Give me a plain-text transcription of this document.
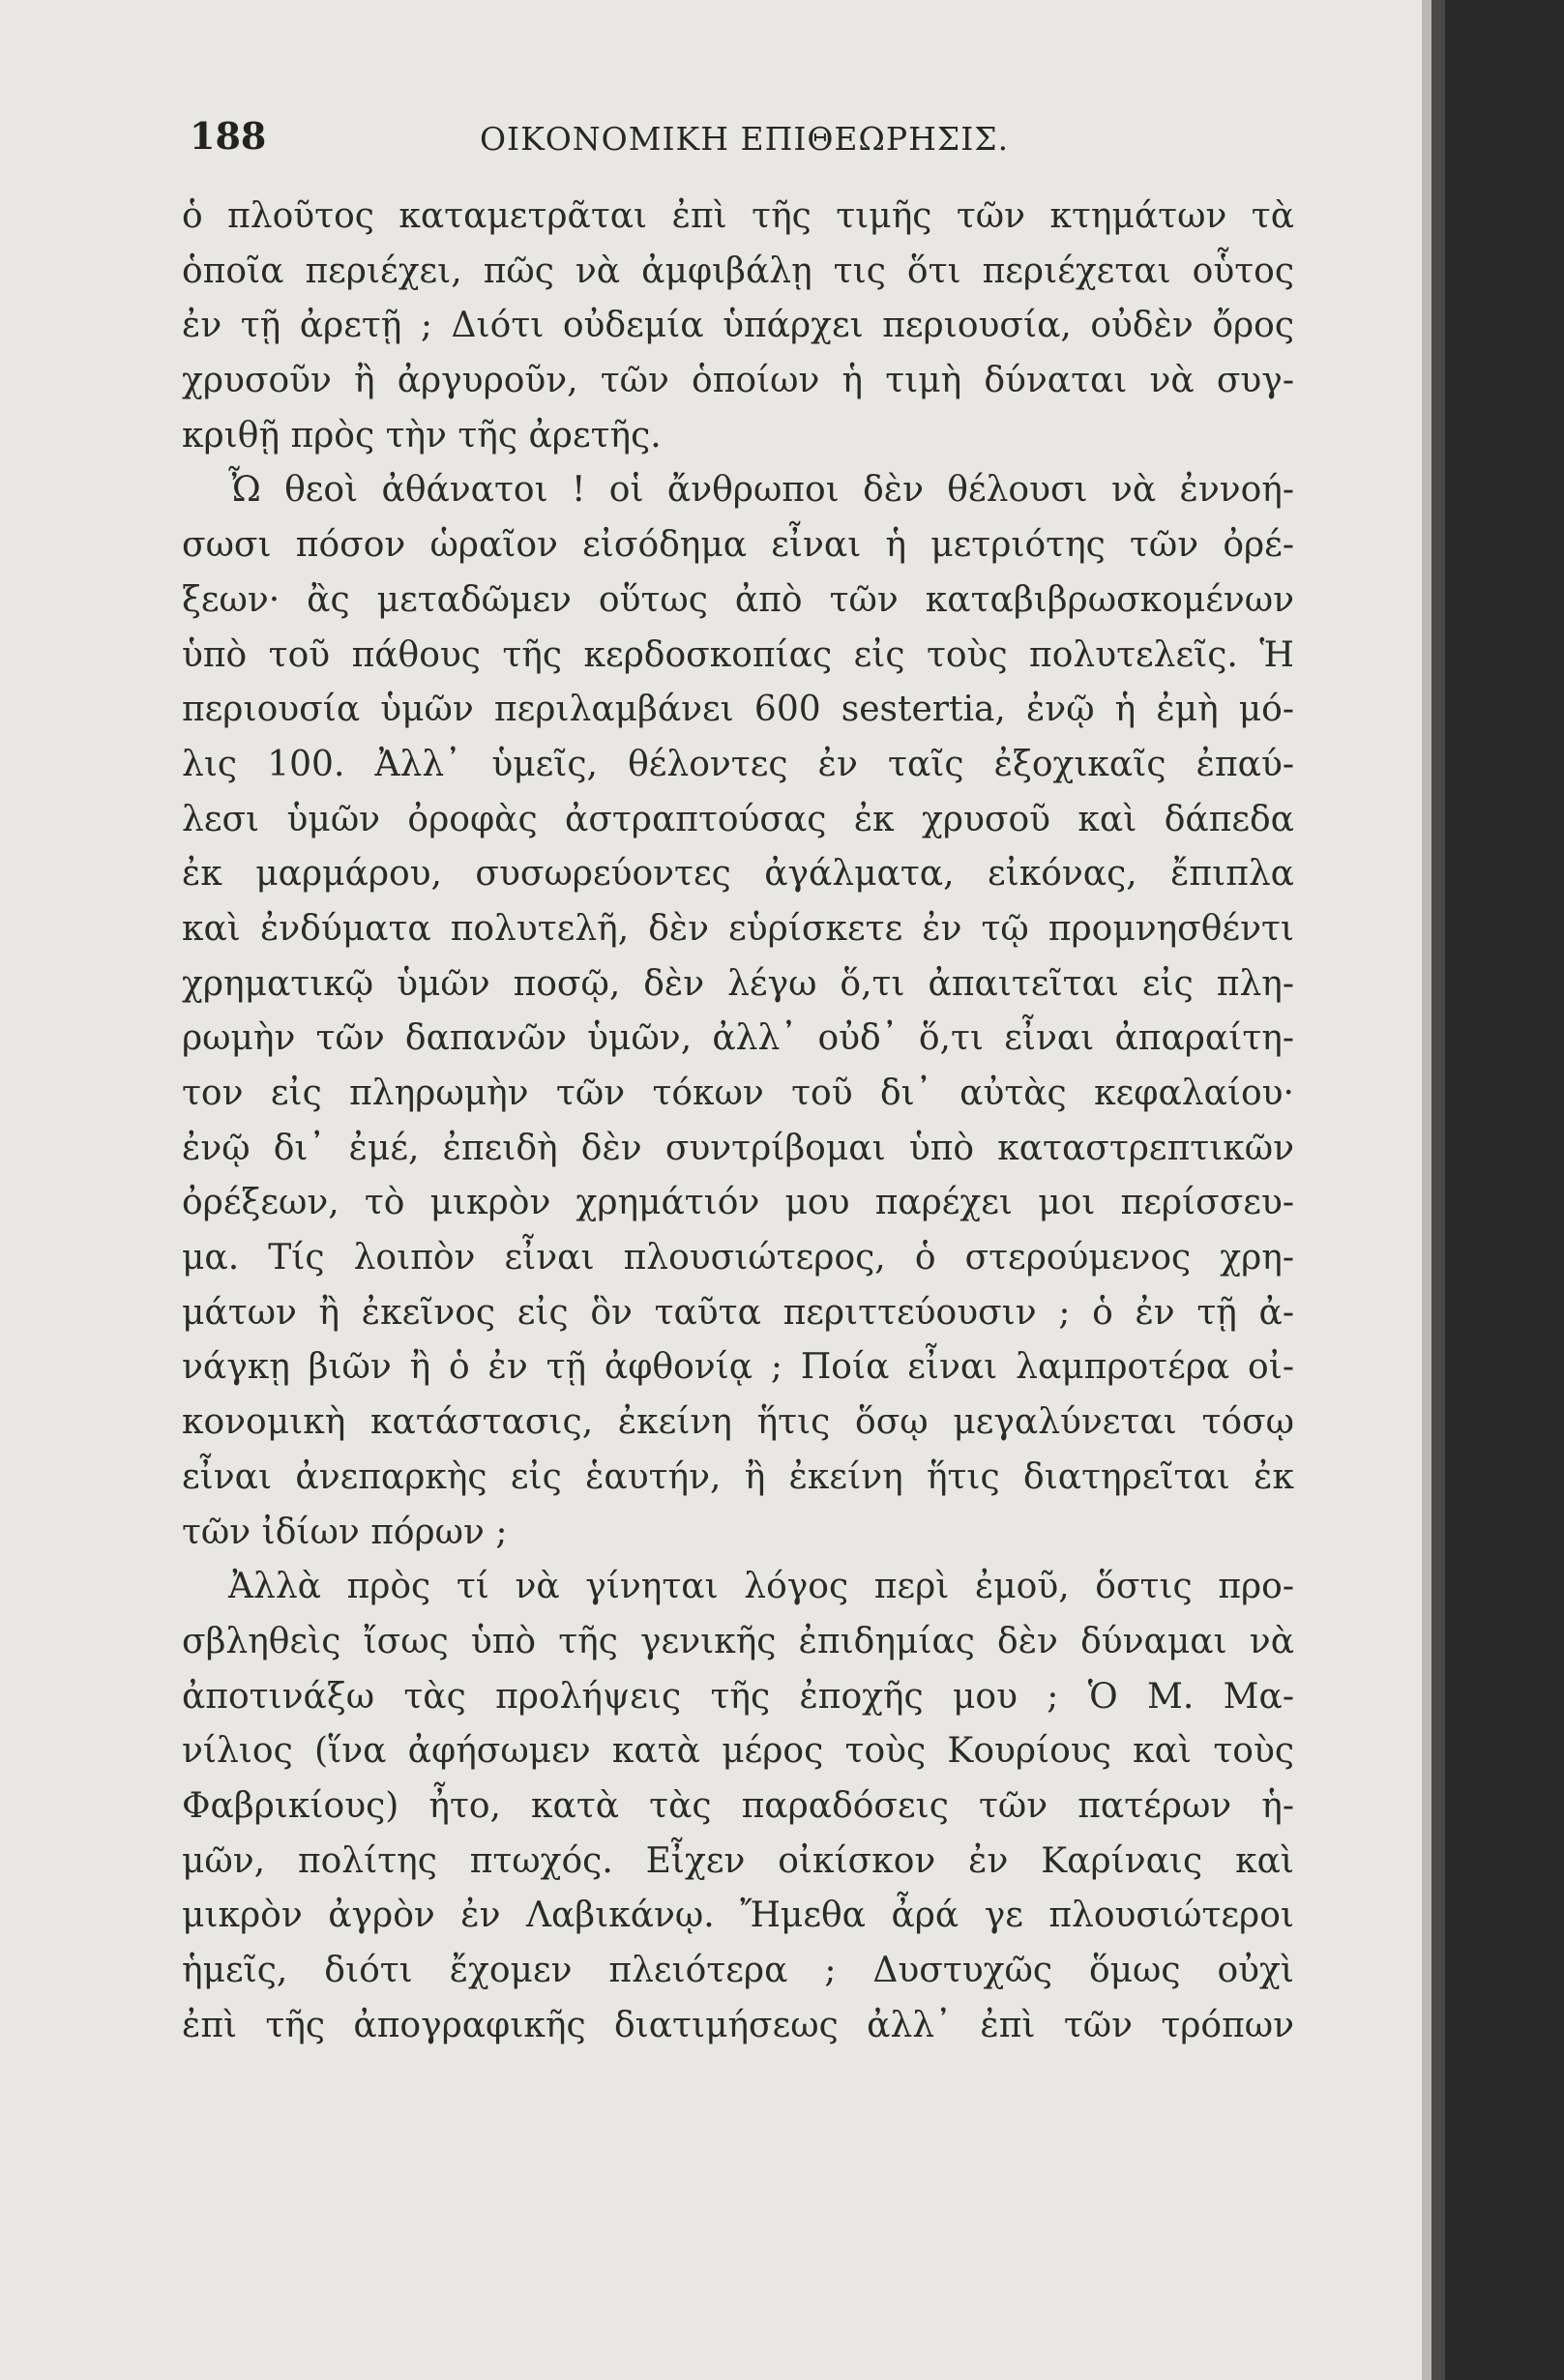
188	ΟΙΚΟΝΟΜΙΚΗ ΕΠΙΘΕΩΡΗΣΙΣ.
ὁ πλοῦτος καταμετρᾶται ἐπὶ τῆς τιμῆς τῶν κτημάτων τὰ
ὁποῖα περιέχει, πῶς νὰ ἀμφιβάλῃ τις ὅτι περιέχεται οὗτος
ἐν τῇ ἀρετῇ ; Διότι οὐδεμία ὑπάρχει περιουσία, οὐδὲν ὄρος
χρυσοῦν ἢ ἀργυροῦν, τῶν ὁποίων ἡ τιμὴ δύναται νὰ συγ-
κριθῇ πρὸς τὴν τῆς ἀρετῆς.
Ὦ θεοὶ ἀθάνατοι ! οἱ ἄνθρωποι δὲν θέλουσι νὰ ἐννοή-
σωσι πόσον ὡραῖον εἰσόδημα εἶναι ἡ μετριότης τῶν ὀρέ-
ξεων· ἂς μεταδῶμεν οὕτως ἀπὸ τῶν καταβιβρωσκομένων
ὑπὸ τοῦ πάθους τῆς κερδοσκοπίας εἰς τοὺς πολυτελεῖς. Ἡ
περιουσία ὑμῶν περιλαμβάνει 600 sestertia, ἐνῷ ἡ ἐμὴ μό-
λις 100. Ἀλλ᾽ ὑμεῖς, θέλοντες ἐν ταῖς ἐξοχικαῖς ἐπαύ-
λεσι ὑμῶν ὀροφὰς ἀστραπτούσας ἐκ χρυσοῦ καὶ δάπεδα
ἐκ μαρμάρου, συσωρεύοντες ἀγάλματα, εἰκόνας, ἔπιπλα
καὶ ἐνδύματα πολυτελῆ, δὲν εὑρίσκετε ἐν τῷ προμνησθέντι
χρηματικῷ ὑμῶν ποσῷ, δὲν λέγω ὅ,τι ἀπαιτεῖται εἰς πλη-
ρωμὴν τῶν δαπανῶν ὑμῶν, ἀλλ᾽ οὐδ᾽ ὅ,τι εἶναι ἀπαραίτη-
τον εἰς πληρωμὴν τῶν τόκων τοῦ δι᾽ αὐτὰς κεφαλαίου·
ἐνῷ δι᾽ ἐμέ, ἐπειδὴ δὲν συντρίβομαι ὑπὸ καταστρεπτικῶν
ὀρέξεων, τὸ μικρὸν χρημάτιόν μου παρέχει μοι περίσσευ-
μα. Τίς λοιπὸν εἶναι πλουσιώτερος, ὁ στερούμενος χρη-
μάτων ἢ ἐκεῖνος εἰς ὃν ταῦτα περιττεύουσιν ; ὁ ἐν τῇ ἀ-
νάγκῃ βιῶν ἢ ὁ ἐν τῇ ἀφθονίᾳ ; Ποία εἶναι λαμπροτέρα οἰ-
κονομικὴ κατάστασις, ἐκείνη ἥτις ὅσῳ μεγαλύνεται τόσῳ
εἶναι ἀνεπαρκὴς εἰς ἑαυτήν, ἢ ἐκείνη ἥτις διατηρεῖται ἐκ
τῶν ἰδίων πόρων ;
Ἀλλὰ πρὸς τί νὰ γίνηται λόγος περὶ ἐμοῦ, ὅστις προ-
σβληθεὶς ἴσως ὑπὸ τῆς γενικῆς ἐπιδημίας δὲν δύναμαι νὰ
ἀποτινάξω τὰς προλήψεις τῆς ἐποχῆς μου ; Ὁ Μ. Μα-
νίλιος (ἵνα ἀφήσωμεν κατὰ μέρος τοὺς Κουρίους καὶ τοὺς
Φαβρικίους) ἦτο, κατὰ τὰς παραδόσεις τῶν πατέρων ἡ-
μῶν, πολίτης πτωχός. Εἶχεν οἰκίσκον ἐν Καρίναις καὶ
μικρὸν ἀγρὸν ἐν Λαβικάνῳ. Ἤμεθα ἆρά γε πλουσιώτεροι
ἡμεῖς, διότι ἔχομεν πλειότερα ; Δυστυχῶς ὅμως οὐχὶ
ἐπὶ τῆς ἀπογραφικῆς διατιμήσεως ἀλλ᾽ ἐπὶ τῶν τρόπων
